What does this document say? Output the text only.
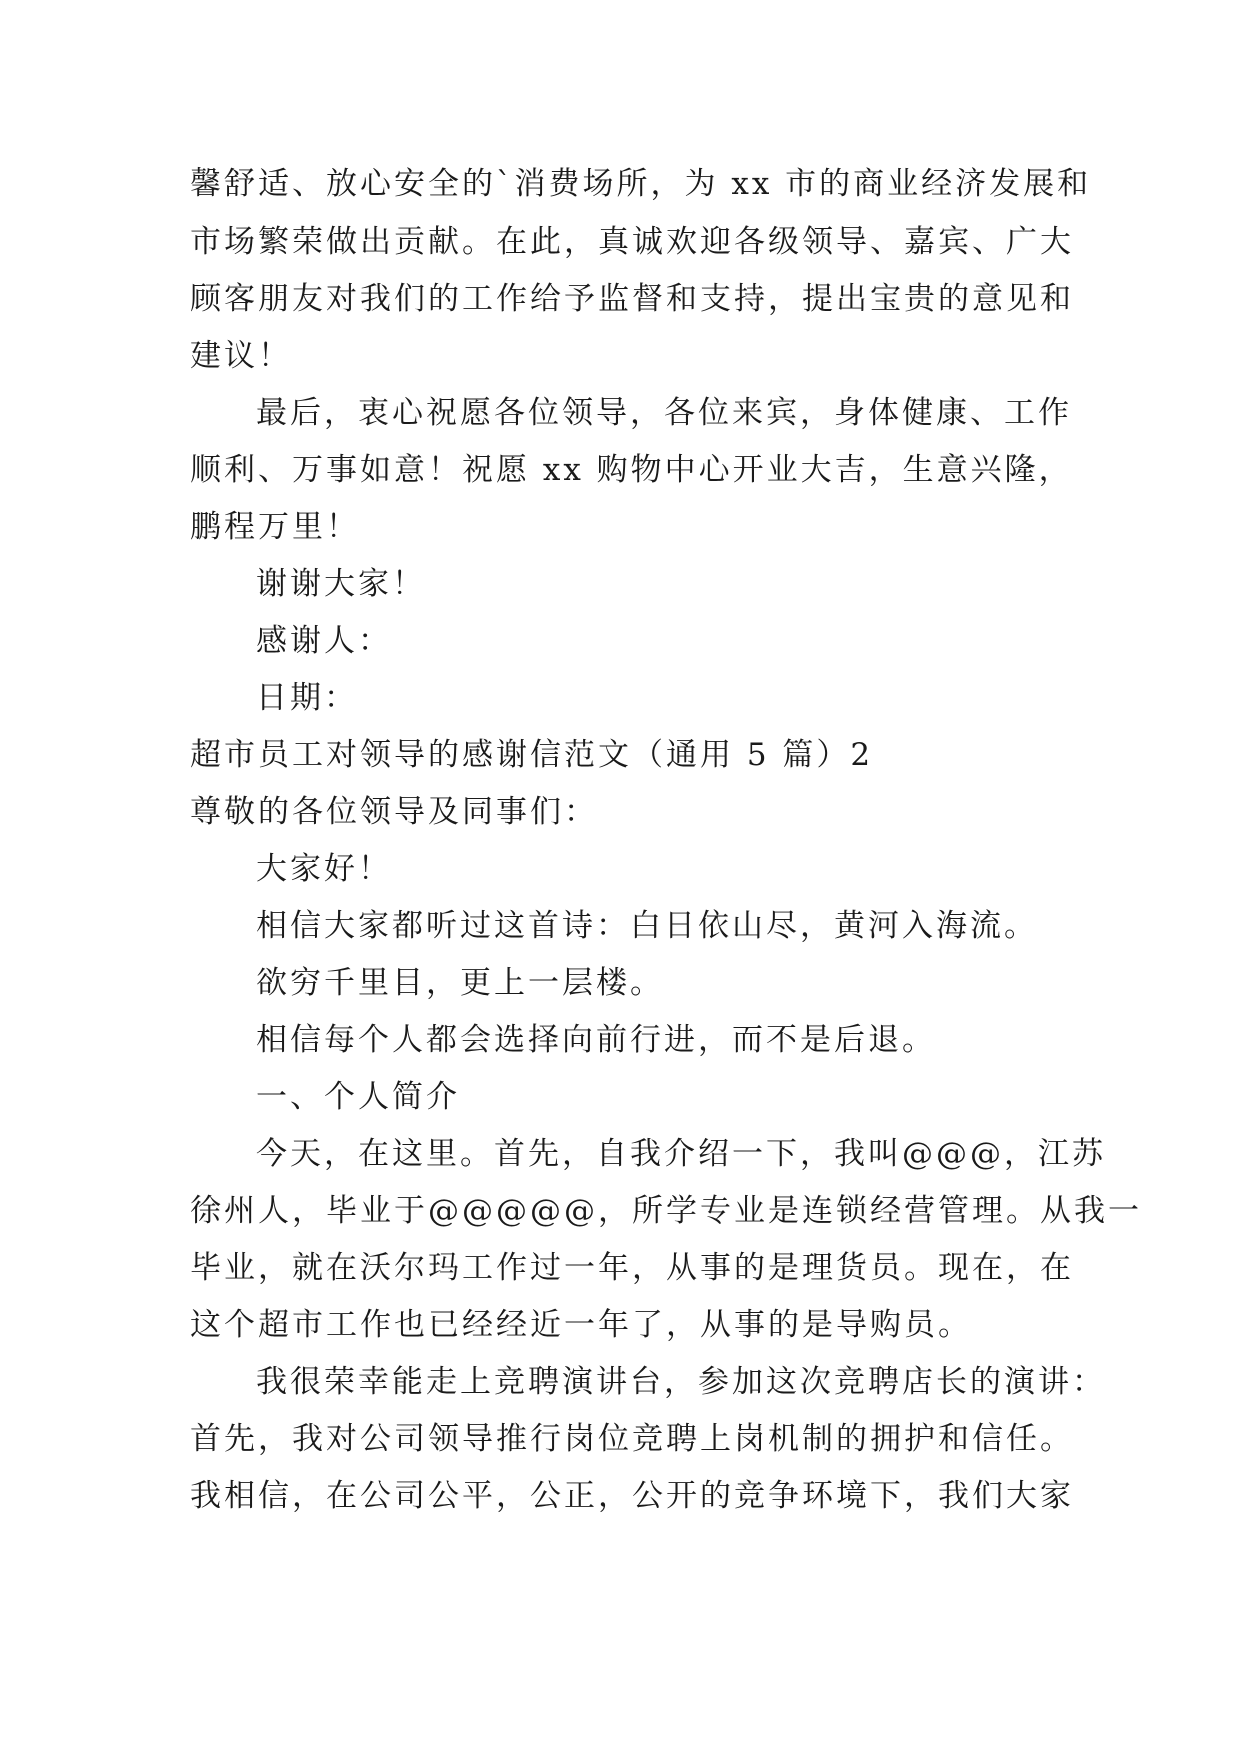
馨舒适、放心安全的`消费场所，为 xx 市的商业经济发展和
市场繁荣做出贡献。在此，真诚欢迎各级领导、嘉宾、广大
顾客朋友对我们的工作给予监督和支持，提出宝贵的意见和
建议！
最后，衷心祝愿各位领导，各位来宾，身体健康、工作
顺利、万事如意！祝愿 xx 购物中心开业大吉，生意兴隆，
鹏程万里！
谢谢大家！
感谢人：
日期：
超市员工对领导的感谢信范文（通用 5 篇）2
尊敬的各位领导及同事们：
大家好！
相信大家都听过这首诗：白日依山尽，黄河入海流。
欲穷千里目，更上一层楼。
相信每个人都会选择向前行进，而不是后退。
一、个人简介
今天，在这里。首先，自我介绍一下，我叫@@@，江苏
徐州人，毕业于@@@@@，所学专业是连锁经营管理。从我一
毕业，就在沃尔玛工作过一年，从事的是理货员。现在，在
这个超市工作也已经经近一年了，从事的是导购员。
我很荣幸能走上竞聘演讲台，参加这次竞聘店长的演讲：
首先，我对公司领导推行岗位竞聘上岗机制的拥护和信任。
我相信，在公司公平，公正，公开的竞争环境下，我们大家
